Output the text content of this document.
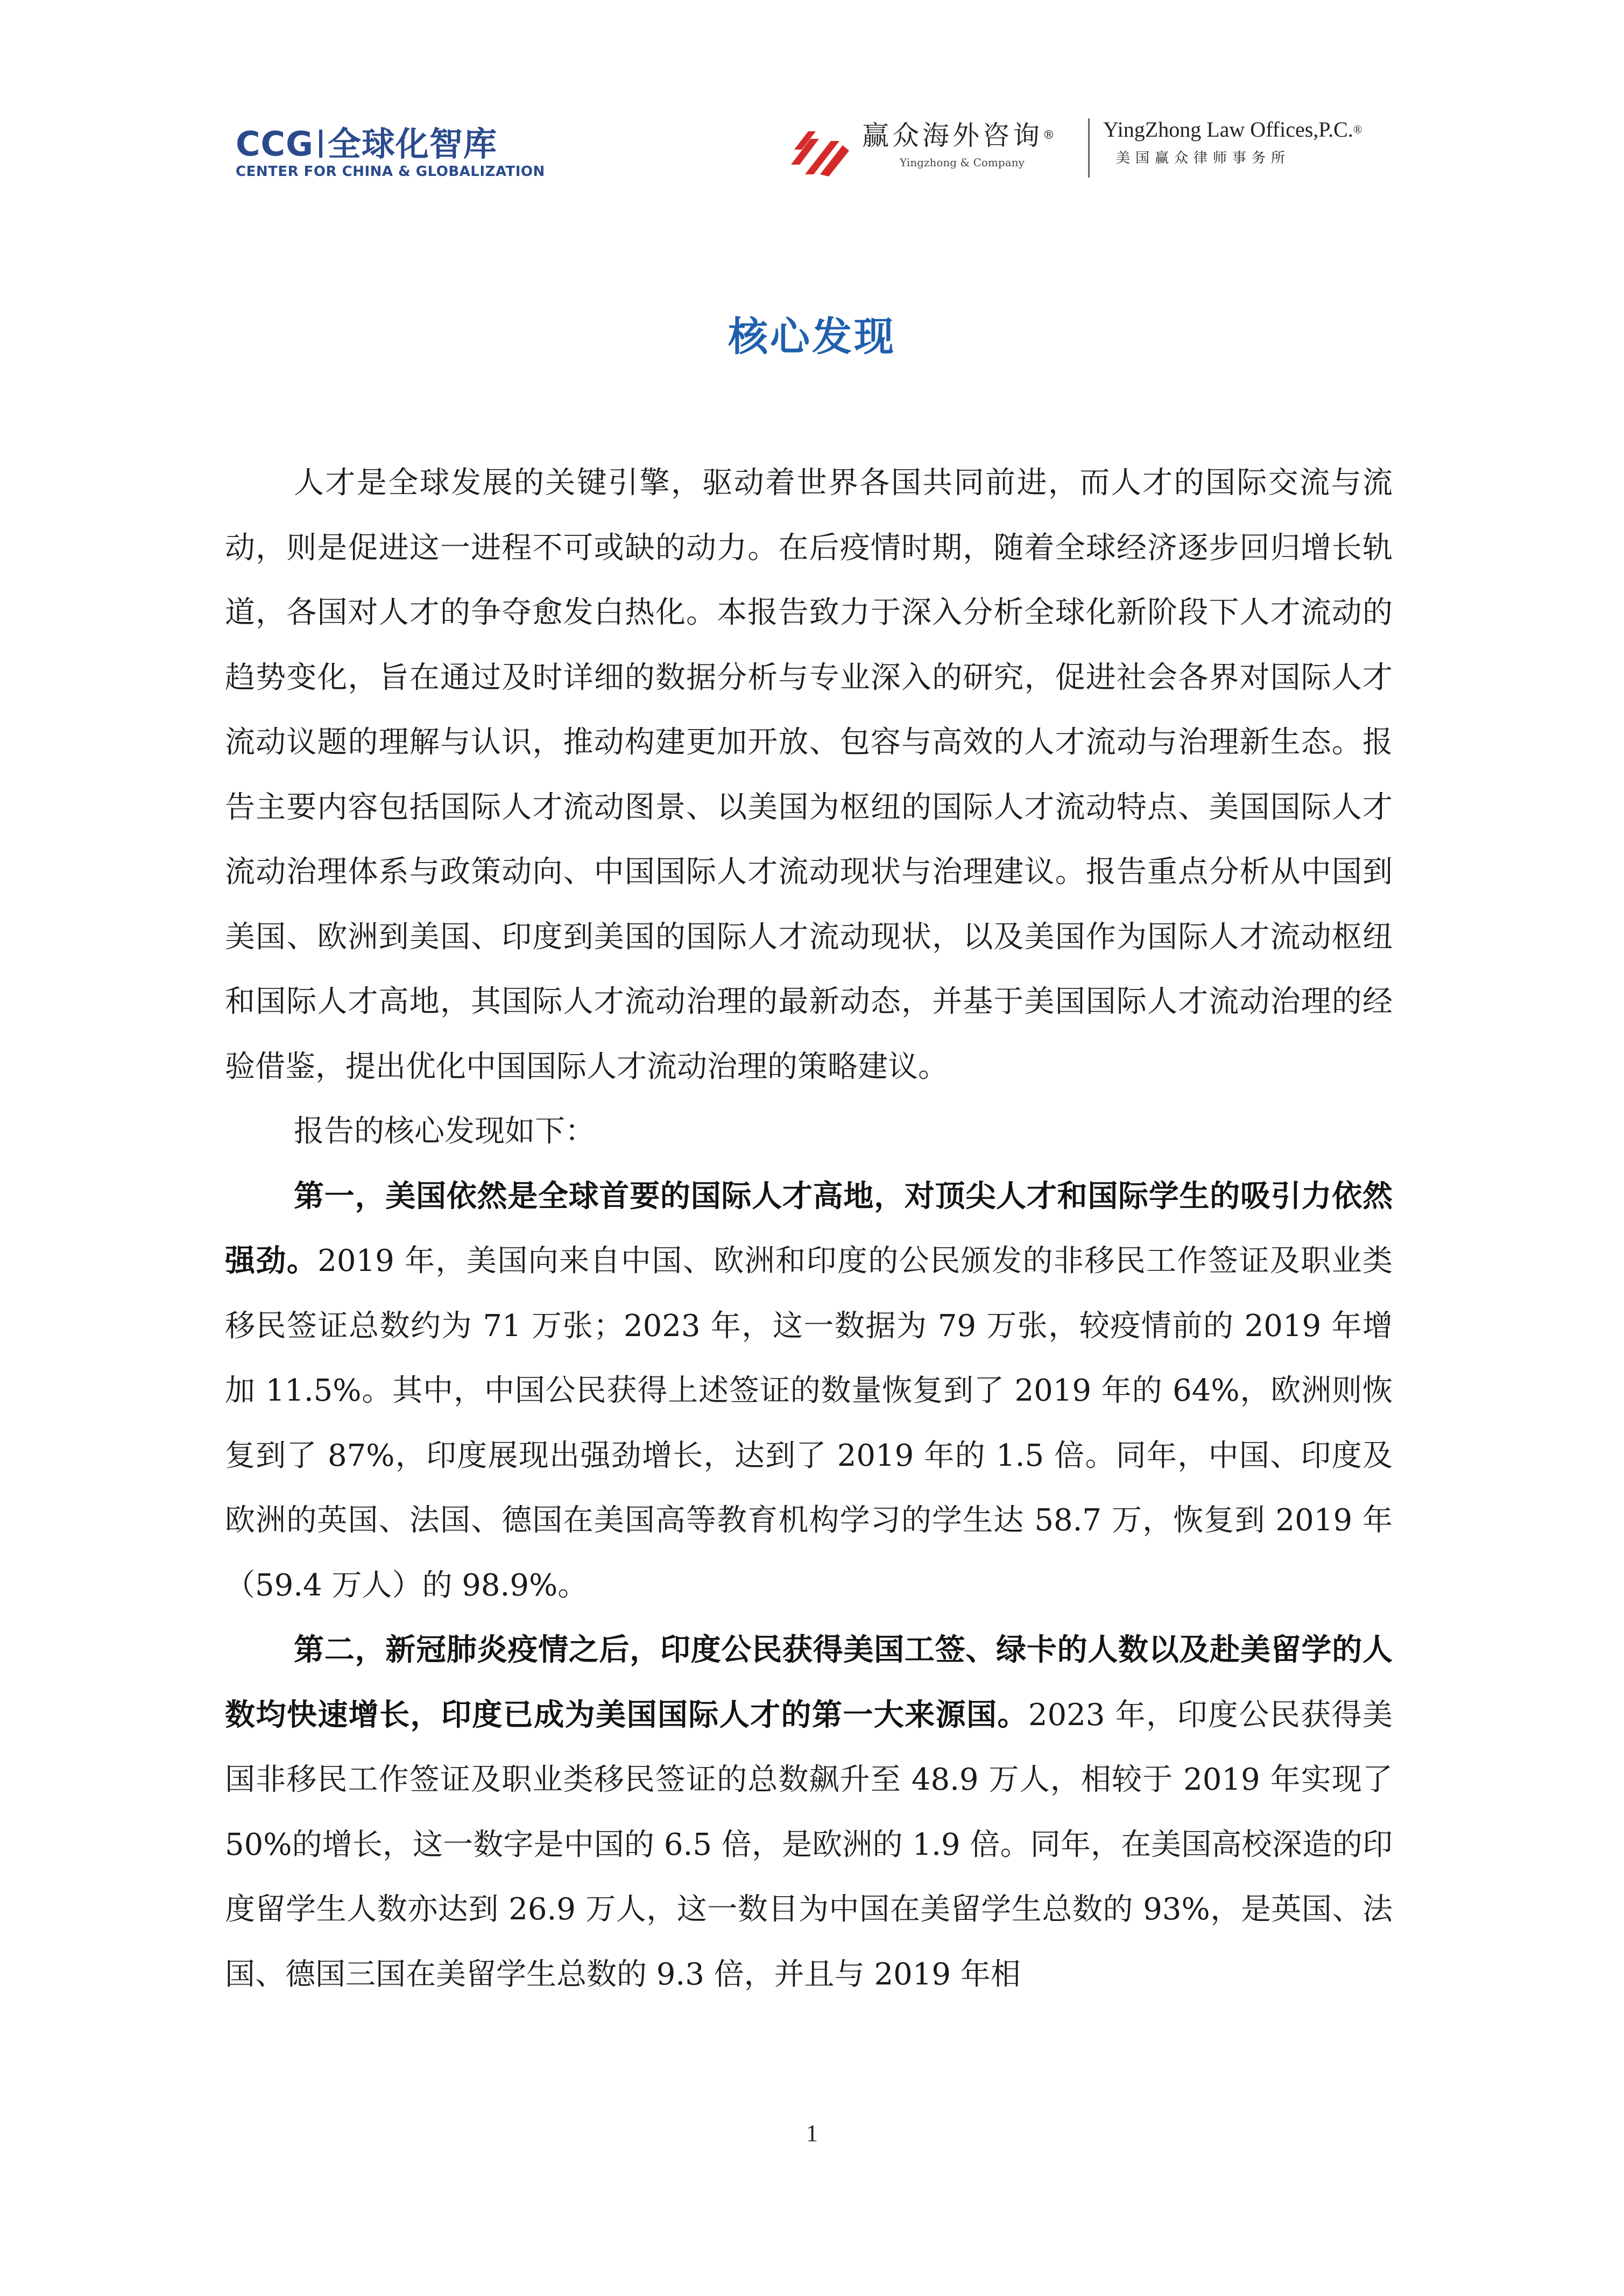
CCG 全球化智库
CENTER FOR CHINA & GLOBALIZATION
赢众海外咨询®
Yingzhong & Company
YingZhong Law Offices,P.C.®
美国赢众律师事务所
核心发现

人才是全球发展的关键引擎，驱动着世界各国共同前进，而人才的国际交流与流动，则是促进这一进程不可或缺的动力。在后疫情时期，随着全球经济逐步回归增长轨道，各国对人才的争夺愈发白热化。本报告致力于深入分析全球化新阶段下人才流动的趋势变化，旨在通过及时详细的数据分析与专业深入的研究，促进社会各界对国际人才流动议题的理解与认识，推动构建更加开放、包容与高效的人才流动与治理新生态。报告主要内容包括国际人才流动图景、以美国为枢纽的国际人才流动特点、美国国际人才流动治理体系与政策动向、中国国际人才流动现状与治理建议。报告重点分析从中国到美国、欧洲到美国、印度到美国的国际人才流动现状，以及美国作为国际人才流动枢纽和国际人才高地，其国际人才流动治理的最新动态，并基于美国国际人才流动治理的经验借鉴，提出优化中国国际人才流动治理的策略建议。

报告的核心发现如下：

第一，美国依然是全球首要的国际人才高地，对顶尖人才和国际学生的吸引力依然强劲。2019 年，美国向来自中国、欧洲和印度的公民颁发的非移民工作签证及职业类移民签证总数约为 71 万张；2023 年，这一数据为 79 万张，较疫情前的 2019 年增加 11.5%。其中，中国公民获得上述签证的数量恢复到了 2019 年的 64%，欧洲则恢复到了 87%，印度展现出强劲增长，达到了 2019 年的 1.5 倍。同年，中国、印度及欧洲的英国、法国、德国在美国高等教育机构学习的学生达 58.7 万，恢复到 2019 年（59.4 万人）的 98.9%。

第二，新冠肺炎疫情之后，印度公民获得美国工签、绿卡的人数以及赴美留学的人数均快速增长，印度已成为美国国际人才的第一大来源国。2023 年，印度公民获得美国非移民工作签证及职业类移民签证的总数飙升至 48.9 万人，相较于 2019 年实现了 50%的增长，这一数字是中国的 6.5 倍，是欧洲的 1.9 倍。同年，在美国高校深造的印度留学生人数亦达到 26.9 万人，这一数目为中国在美留学生总数的 93%，是英国、法国、德国三国在美留学生总数的 9.3 倍，并且与 2019 年相

1
